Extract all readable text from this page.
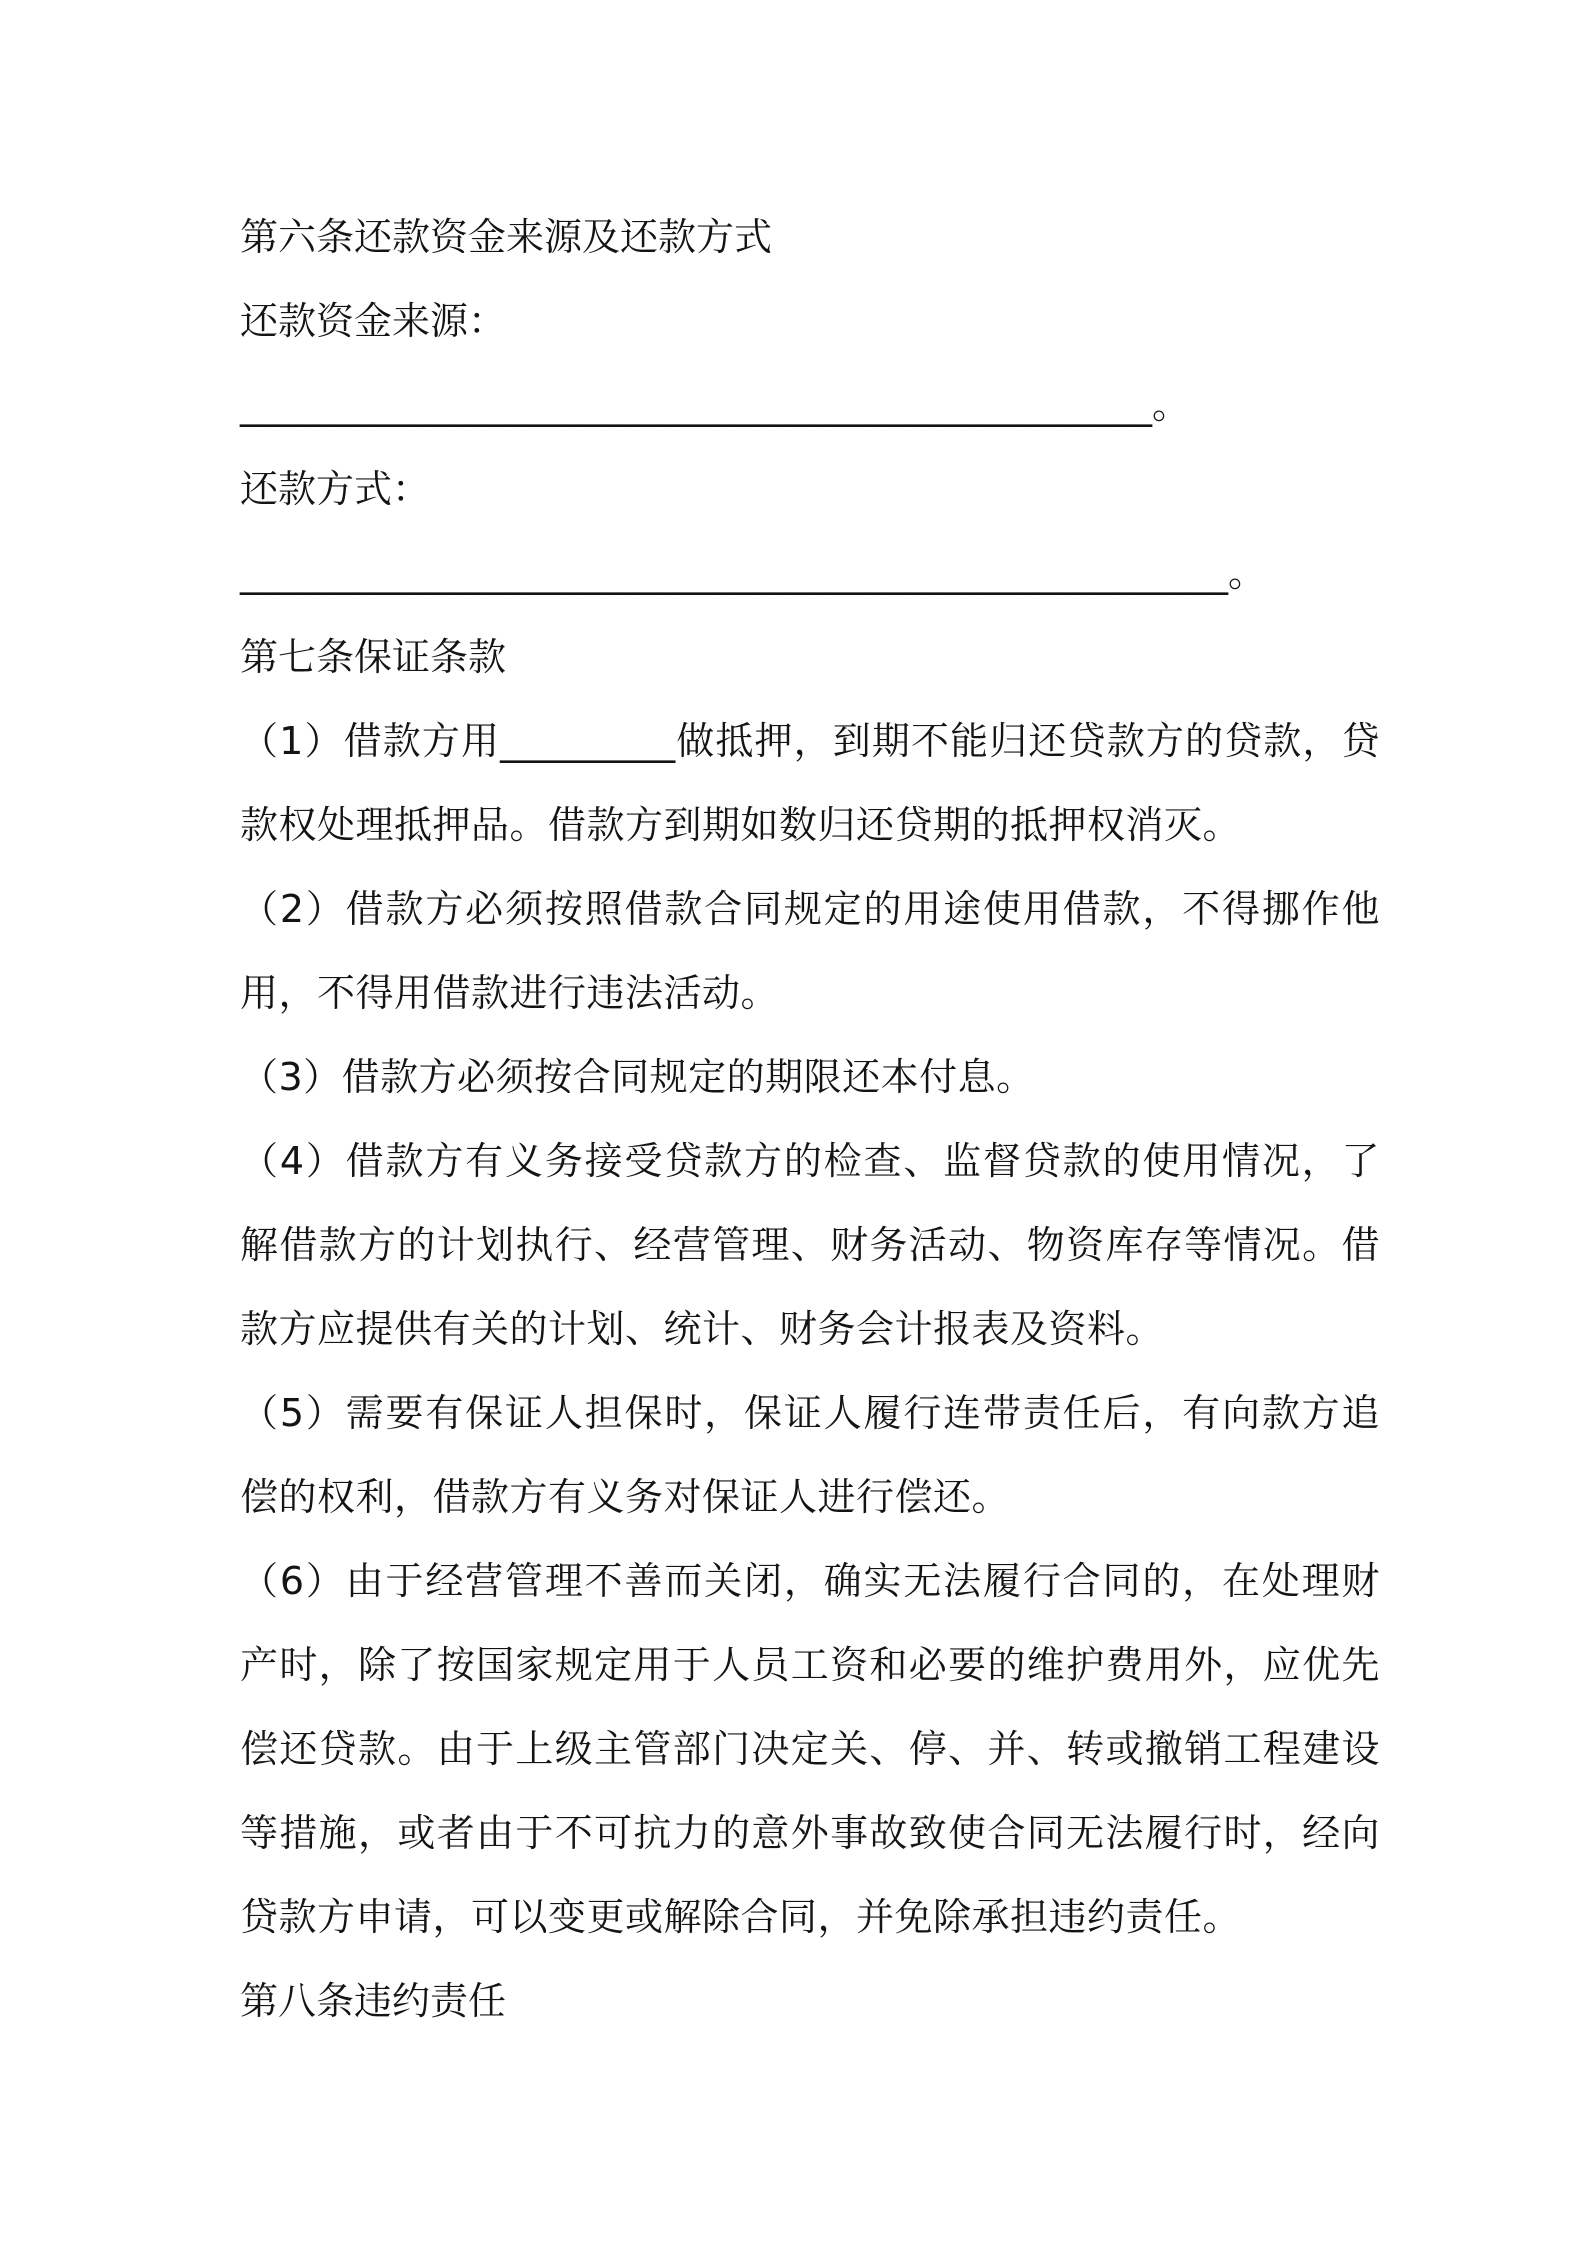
第六条还款资金来源及还款方式

还款资金来源：

________________________________________________。

还款方式：

____________________________________________________。

第七条保证条款

（1）借款方用_________做抵押，到期不能归还贷款方的贷款，贷款权处理抵押品。借款方到期如数归还贷期的抵押权消灭。

（2）借款方必须按照借款合同规定的用途使用借款，不得挪作他用，不得用借款进行违法活动。

（3）借款方必须按合同规定的期限还本付息。

（4）借款方有义务接受贷款方的检查、监督贷款的使用情况，了解借款方的计划执行、经营管理、财务活动、物资库存等情况。借款方应提供有关的计划、统计、财务会计报表及资料。

（5）需要有保证人担保时，保证人履行连带责任后，有向款方追偿的权利，借款方有义务对保证人进行偿还。

（6）由于经营管理不善而关闭，确实无法履行合同的，在处理财产时，除了按国家规定用于人员工资和必要的维护费用外，应优先偿还贷款。由于上级主管部门决定关、停、并、转或撤销工程建设等措施，或者由于不可抗力的意外事故致使合同无法履行时，经向贷款方申请，可以变更或解除合同，并免除承担违约责任。

第八条违约责任
